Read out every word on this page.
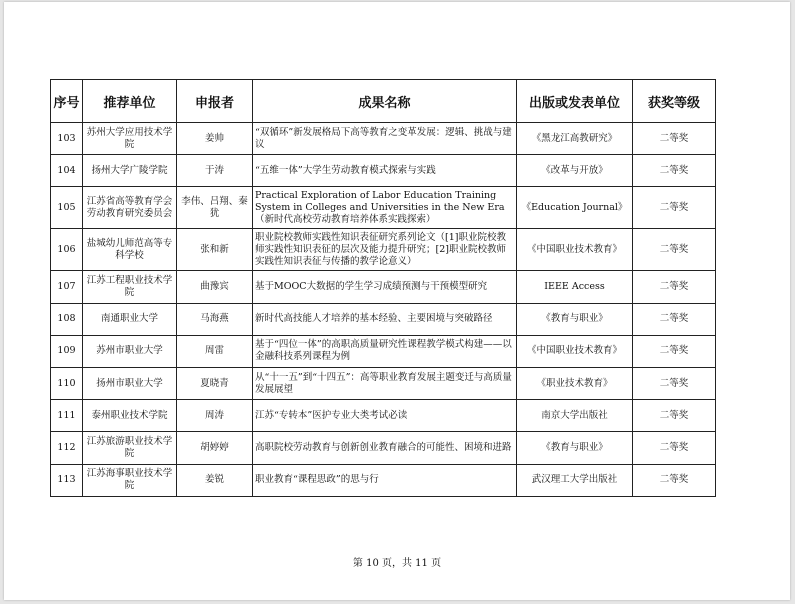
序号	推荐单位	申报者	成果名称	出版或发表单位	获奖等级
103	苏州大学应用技术学院	姜帅	“双循环”新发展格局下高等教育之变革发展：逻辑、挑战与建议	《黑龙江高教研究》	二等奖
104	扬州大学广陵学院	于涛	“五维一体”大学生劳动教育模式探索与实践	《改革与开放》	二等奖
105	江苏省高等教育学会劳动教育研究委员会	李伟、吕翔、秦犹	Practical Exploration of Labor Education Training System in Colleges and Universities in the New Era（新时代高校劳动教育培养体系实践探索）	《Education Journal》	二等奖
106	盐城幼儿师范高等专科学校	张和新	职业院校教师实践性知识表征研究系列论文（[1]职业院校教师实践性知识表征的层次及能力提升研究；[2]职业院校教师实践性知识表征与传播的教学论意义）	《中国职业技术教育》	二等奖
107	江苏工程职业技术学院	曲豫宾	基于MOOC大数据的学生学习成绩预测与干预模型研究	IEEE Access	二等奖
108	南通职业大学	马海燕	新时代高技能人才培养的基本经验、主要困境与突破路径	《教育与职业》	二等奖
109	苏州市职业大学	周雷	基于“四位一体”的高职高质量研究性课程教学模式构建——以金融科技系列课程为例	《中国职业技术教育》	二等奖
110	扬州市职业大学	夏晓青	从“十一五”到“十四五”：高等职业教育发展主题变迁与高质量发展展望	《职业技术教育》	二等奖
111	泰州职业技术学院	周涛	江苏“专转本”医护专业大类考试必读	南京大学出版社	二等奖
112	江苏旅游职业技术学院	胡婷婷	高职院校劳动教育与创新创业教育融合的可能性、困境和进路	《教育与职业》	二等奖
113	江苏海事职业技术学院	姜锐	职业教育“课程思政”的思与行	武汉理工大学出版社	二等奖
第 10 页，共 11 页
